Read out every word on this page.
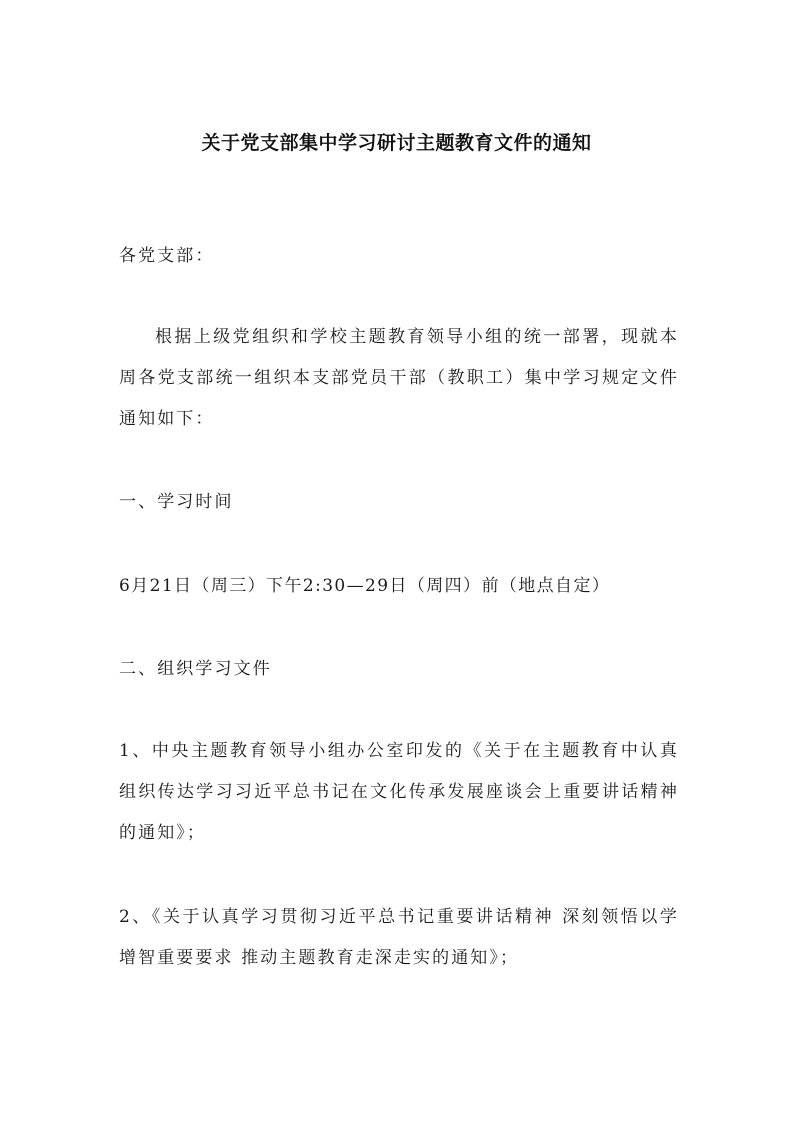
关于党支部集中学习研讨主题教育文件的通知
各党支部：
根据上级党组织和学校主题教育领导小组的统一部署，现就本周各党支部统一组织本支部党员干部（教职工）集中学习规定文件通知如下：
一、学习时间
6月21日（周三）下午2:30—29日（周四）前（地点自定）
二、组织学习文件
1、中央主题教育领导小组办公室印发的《关于在主题教育中认真组织传达学习习近平总书记在文化传承发展座谈会上重要讲话精神的通知》；
2、《关于认真学习贯彻习近平总书记重要讲话精神 深刻领悟以学增智重要要求 推动主题教育走深走实的通知》；
